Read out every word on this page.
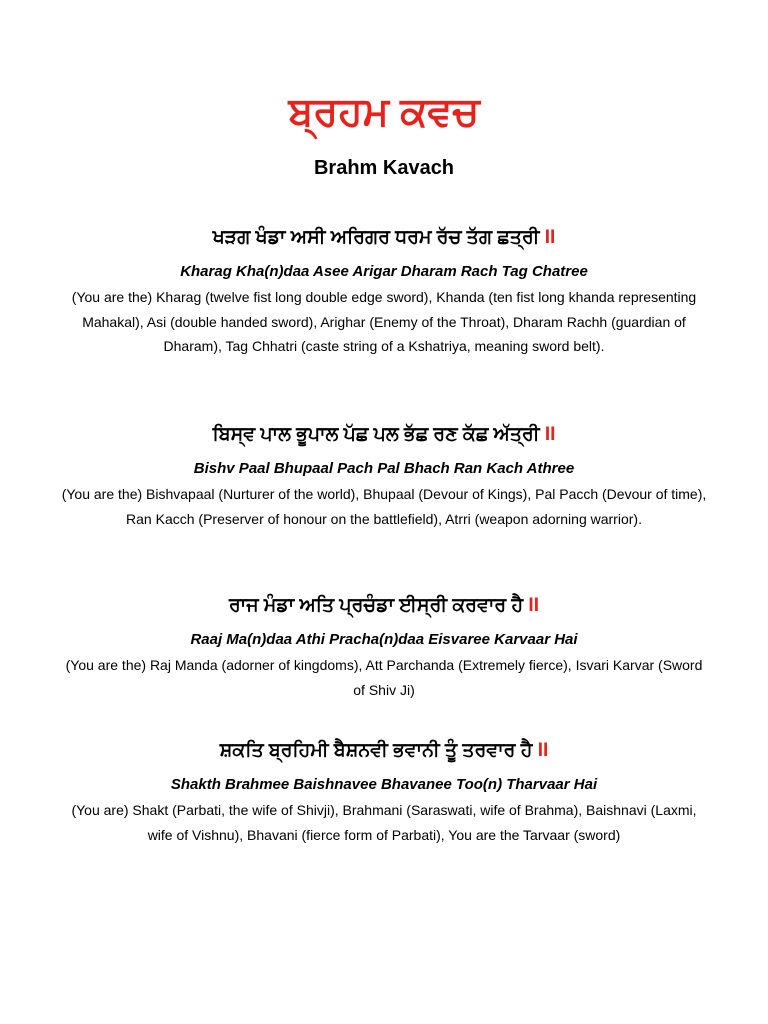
ਬ੍ਰਹਮ ਕਵਚ
Brahm Kavach

ਖੜਗ ਖੰਡਾ ਅਸੀ ਅਰਿਗਰ ਧਰਮ ਰੱਚ ਤੱਗ ਛਤ੍ਰੀ II

Kharag Kha(n)daa Asee Arigar Dharam Rach Tag Chatree

(You are the) Kharag (twelve fist long double edge sword), Khanda (ten fist long khanda representing Mahakal), Asi (double handed sword), Arighar (Enemy of the Throat), Dharam Rachh (guardian of Dharam), Tag Chhatri (caste string of a Kshatriya, meaning sword belt).

ਬਿਸ੍ਵ ਪਾਲ ਭੂਪਾਲ ਪੱਛ ਪਲ ਭੱਛ ਰਣ ਕੱਛ ਅੱਤ੍ਰੀ II

Bishv Paal Bhupaal Pach Pal Bhach Ran Kach Athree

(You are the) Bishvapaal (Nurturer of the world), Bhupaal (Devour of Kings), Pal Pacch (Devour of time), Ran Kacch (Preserver of honour on the battlefield), Atrri (weapon adorning warrior).

ਰਾਜ ਮੰਡਾ ਅਤਿ ਪ੍ਰਚੰਡਾ ਈਸ੍ਰੀ ਕਰਵਾਰ ਹੈ II

Raaj Ma(n)daa Athi Pracha(n)daa Eisvaree Karvaar Hai

(You are the) Raj Manda (adorner of kingdoms), Att Parchanda (Extremely fierce), Isvari Karvar (Sword of Shiv Ji)

ਸ਼ਕਤਿ ਬ੍ਰਹਿਮੀ ਬੈਸ਼ਨਵੀ ਭਵਾਨੀ ਤੂੰ ਤਰਵਾਰ ਹੈ II

Shakth Brahmee Baishnavee Bhavanee Too(n) Tharvaar Hai

(You are) Shakt (Parbati, the wife of Shivji), Brahmani (Saraswati, wife of Brahma), Baishnavi (Laxmi, wife of Vishnu), Bhavani (fierce form of Parbati), You are the Tarvaar (sword)
